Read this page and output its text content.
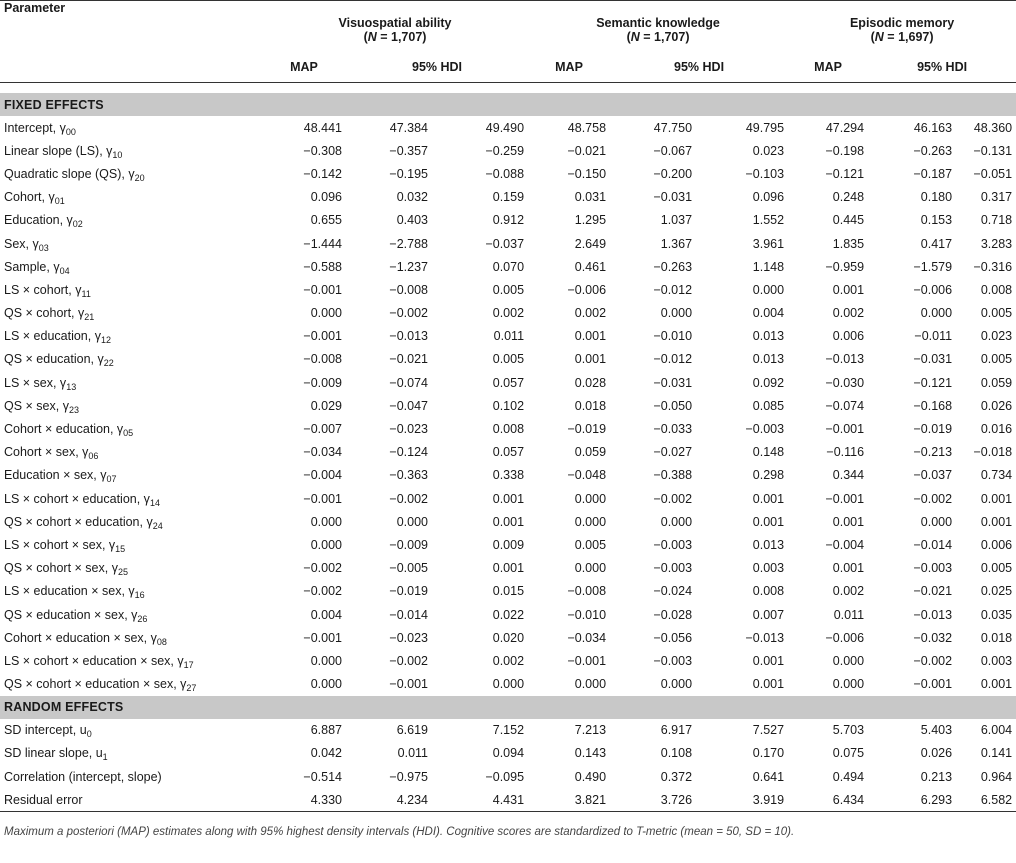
Parameter	Visuospatial ability			Semantic knowledge			Episodic memory		
	(N = 1,707)			(N = 1,707)			(N = 1,697)		
	MAP	95% HDI		MAP	95% HDI		MAP	95% HDI	

FIXED EFFECTS									
Intercept, $\gamma_{00}$	48.441	47.384	49.490	48.758	47.750	49.795	47.294	46.163	48.360
Linear slope (LS), $\gamma_{10}$	−0.308	−0.357	−0.259	−0.021	−0.067	0.023	−0.198	−0.263	−0.131
Quadratic slope (QS), $\gamma_{20}$	−0.142	−0.195	−0.088	−0.150	−0.200	−0.103	−0.121	−0.187	−0.051
Cohort, $\gamma_{01}$	0.096	0.032	0.159	0.031	−0.031	0.096	0.248	0.180	0.317
Education, $\gamma_{02}$	0.655	0.403	0.912	1.295	1.037	1.552	0.445	0.153	0.718
Sex, $\gamma_{03}$	−1.444	−2.788	−0.037	2.649	1.367	3.961	1.835	0.417	3.283
Sample, $\gamma_{04}$	−0.588	−1.237	0.070	0.461	−0.263	1.148	−0.959	−1.579	−0.316
LS × cohort, $\gamma_{11}$	−0.001	−0.008	0.005	−0.006	−0.012	0.000	0.001	−0.006	0.008
QS × cohort, $\gamma_{21}$	0.000	−0.002	0.002	0.002	0.000	0.004	0.002	0.000	0.005
LS × education, $\gamma_{12}$	−0.001	−0.013	0.011	0.001	−0.010	0.013	0.006	−0.011	0.023
QS × education, $\gamma_{22}$	−0.008	−0.021	0.005	0.001	−0.012	0.013	−0.013	−0.031	0.005
LS × sex, $\gamma_{13}$	−0.009	−0.074	0.057	0.028	−0.031	0.092	−0.030	−0.121	0.059
QS × sex, $\gamma_{23}$	0.029	−0.047	0.102	0.018	−0.050	0.085	−0.074	−0.168	0.026
Cohort × education, $\gamma_{05}$	−0.007	−0.023	0.008	−0.019	−0.033	−0.003	−0.001	−0.019	0.016
Cohort × sex, $\gamma_{06}$	−0.034	−0.124	0.057	0.059	−0.027	0.148	−0.116	−0.213	−0.018
Education × sex, $\gamma_{07}$	−0.004	−0.363	0.338	−0.048	−0.388	0.298	0.344	−0.037	0.734
LS × cohort × education, $\gamma_{14}$	−0.001	−0.002	0.001	0.000	−0.002	0.001	−0.001	−0.002	0.001
QS × cohort × education, $\gamma_{24}$	0.000	0.000	0.001	0.000	0.000	0.001	0.001	0.000	0.001
LS × cohort × sex, $\gamma_{15}$	0.000	−0.009	0.009	0.005	−0.003	0.013	−0.004	−0.014	0.006
QS × cohort × sex, $\gamma_{25}$	−0.002	−0.005	0.001	0.000	−0.003	0.003	0.001	−0.003	0.005
LS × education × sex, $\gamma_{16}$	−0.002	−0.019	0.015	−0.008	−0.024	0.008	0.002	−0.021	0.025
QS × education × sex, $\gamma_{26}$	0.004	−0.014	0.022	−0.010	−0.028	0.007	0.011	−0.013	0.035
Cohort × education × sex, $\gamma_{08}$	−0.001	−0.023	0.020	−0.034	−0.056	−0.013	−0.006	−0.032	0.018
LS × cohort × education × sex, $\gamma_{17}$	0.000	−0.002	0.002	−0.001	−0.003	0.001	0.000	−0.002	0.003
QS × cohort × education × sex, $\gamma_{27}$	0.000	−0.001	0.000	0.000	0.000	0.001	0.000	−0.001	0.001
RANDOM EFFECTS									
SD intercept, $u_0$	6.887	6.619	7.152	7.213	6.917	7.527	5.703	5.403	6.004
SD linear slope, $u_1$	0.042	0.011	0.094	0.143	0.108	0.170	0.075	0.026	0.141
Correlation (intercept, slope)	−0.514	−0.975	−0.095	0.490	0.372	0.641	0.494	0.213	0.964
Residual error	4.330	4.234	4.431	3.821	3.726	3.919	6.434	6.293	6.582
Maximum a posteriori (MAP) estimates along with 95% highest density intervals (HDI). Cognitive scores are standardized to T-metric (mean = 50, SD = 10).
